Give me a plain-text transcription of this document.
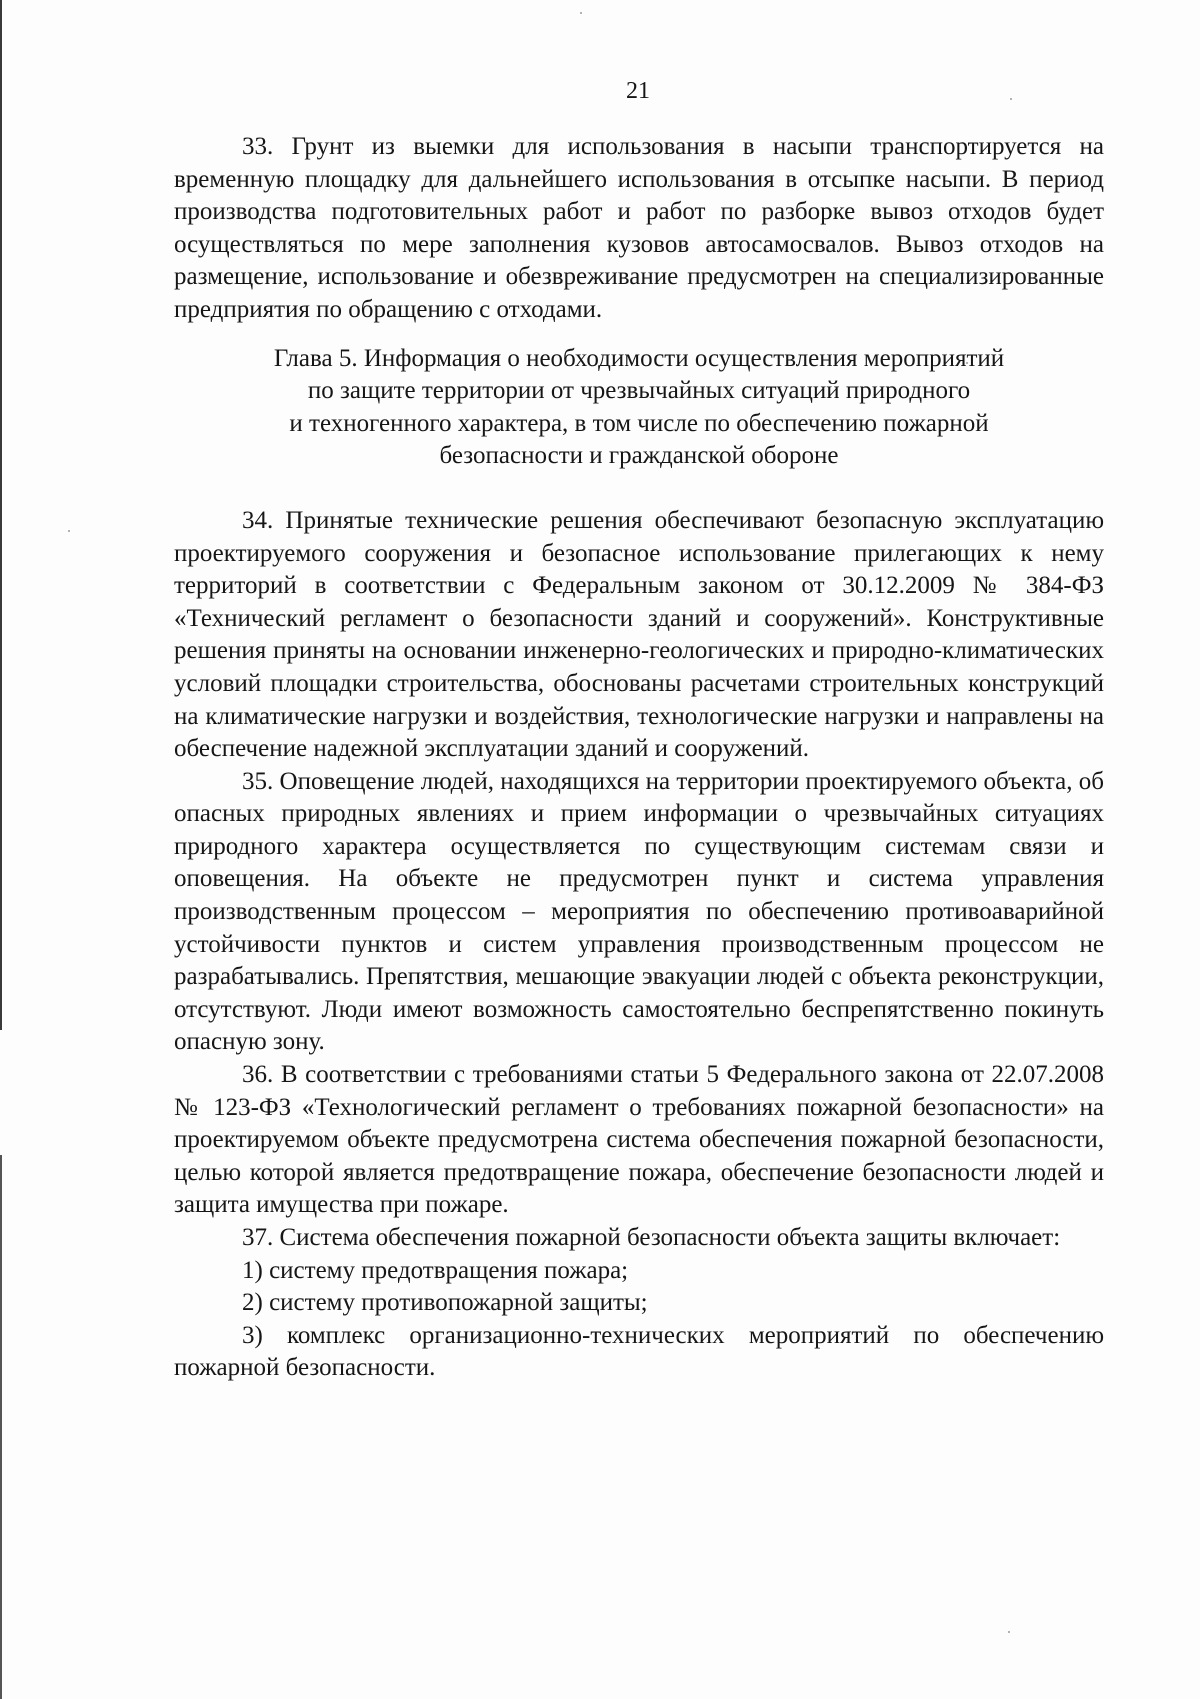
21

33. Грунт из выемки для использования в насыпи транспортируется на временную площадку для дальнейшего использования в отсыпке насыпи. В период производства подготовительных работ и работ по разборке вывоз отходов будет осуществляться по мере заполнения кузовов автосамосвалов. Вывоз отходов на размещение, использование и обезвреживание предусмотрен на специализированные предприятия по обращению с отходами.

Глава 5. Информация о необходимости осуществления мероприятий
по защите территории от чрезвычайных ситуаций природного
и техногенного характера, в том числе по обеспечению пожарной
безопасности и гражданской обороне

34. Принятые технические решения обеспечивают безопасную эксплуатацию проектируемого сооружения и безопасное использование прилегающих к нему территорий в соответствии с Федеральным законом от 30.12.2009 № 384-ФЗ «Технический регламент о безопасности зданий и сооружений». Конструктивные решения приняты на основании инженерно-геологических и природно-климатических условий площадки строительства, обоснованы расчетами строительных конструкций на климатические нагрузки и воздействия, технологические нагрузки и направлены на обеспечение надежной эксплуатации зданий и сооружений.

35. Оповещение людей, находящихся на территории проектируемого объекта, об опасных природных явлениях и прием информации о чрезвычайных ситуациях природного характера осуществляется по существующим системам связи и оповещения. На объекте не предусмотрен пункт и система управления производственным процессом – мероприятия по обеспечению противоаварийной устойчивости пунктов и систем управления производственным процессом не разрабатывались. Препятствия, мешающие эвакуации людей с объекта реконструкции, отсутствуют. Люди имеют возможность самостоятельно беспрепятственно покинуть опасную зону.

36. В соответствии с требованиями статьи 5 Федерального закона от 22.07.2008 № 123-ФЗ «Технологический регламент о требованиях пожарной безопасности» на проектируемом объекте предусмотрена система обеспечения пожарной безопасности, целью которой является предотвращение пожара, обеспечение безопасности людей и защита имущества при пожаре.

37. Система обеспечения пожарной безопасности объекта защиты включает:

1) систему предотвращения пожара;

2) систему противопожарной защиты;

3) комплекс организационно-технических мероприятий по обеспечению пожарной безопасности.
